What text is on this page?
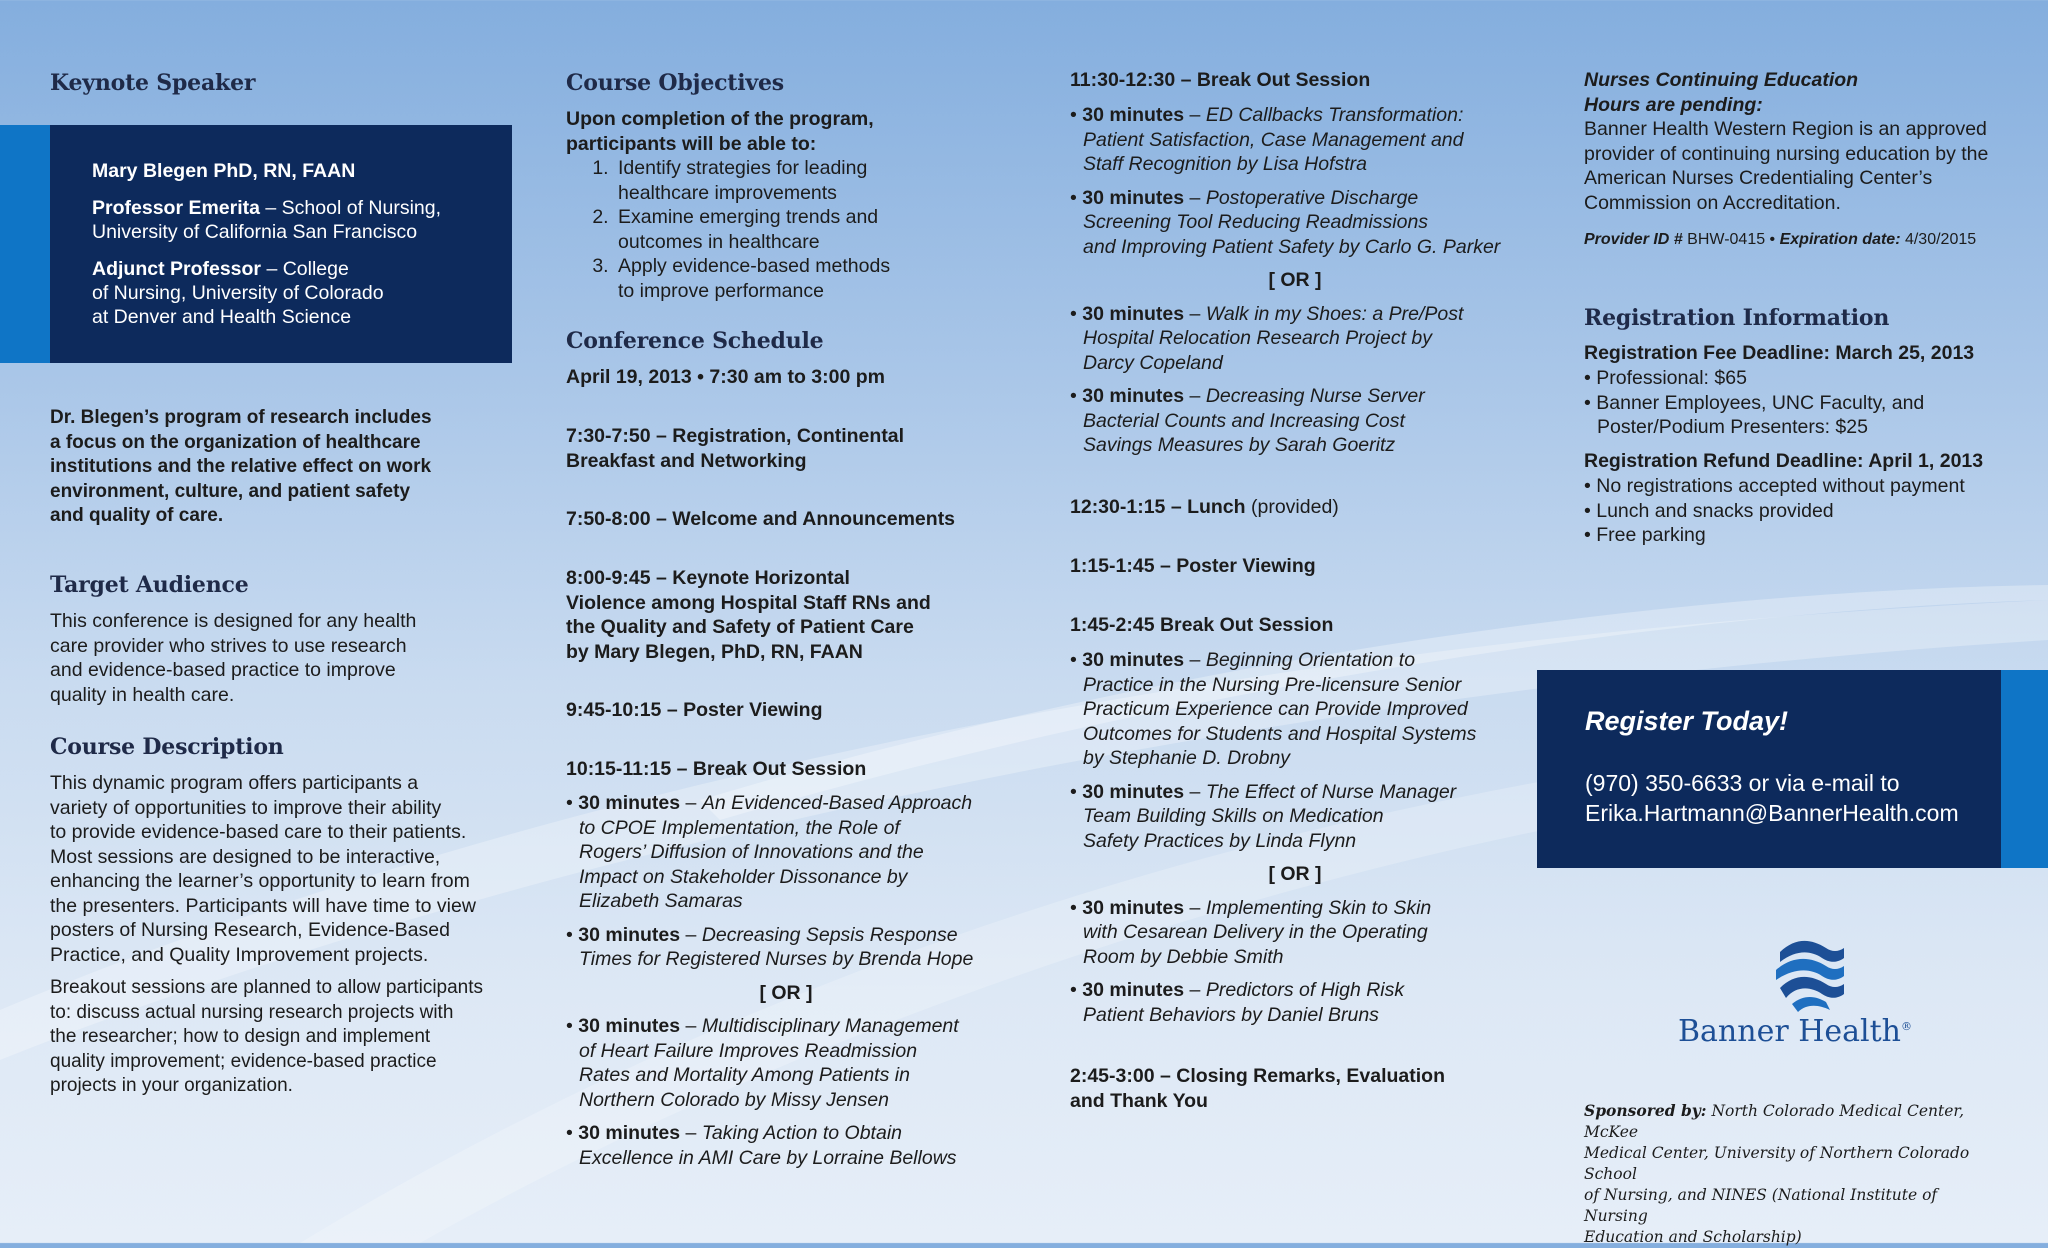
Keynote Speaker
Dr. Blegen’s program of research includes
a focus on the organization of healthcare
institutions and the relative effect on work
environment, culture, and patient safety
and quality of care.
Target Audience
This conference is designed for any health
care provider who strives to use research
and evidence-based practice to improve
quality in health care.
Course Description
This dynamic program offers participants a
variety of opportunities to improve their ability
to provide evidence-based care to their patients.
Most sessions are designed to be interactive,
enhancing the learner’s opportunity to learn from
the presenters. Participants will have time to view
posters of Nursing Research, Evidence-Based
Practice, and Quality Improvement projects.
Breakout sessions are planned to allow participants
to: discuss actual nursing research projects with
the researcher; how to design and implement
quality improvement; evidence-based practice
projects in your organization.
Mary Blegen PhD, RN, FAAN
Professor Emerita – School of Nursing,
University of California San Francisco
Adjunct Professor – College
of Nursing, University of Colorado
at Denver and Health Science
Course Objectives
Upon completion of the program,
participants will be able to:
1. Identify strategies for leading
healthcare improvements
2. Examine emerging trends and
outcomes in healthcare
3. Apply evidence-based methods
to improve performance
Conference Schedule
April 19, 2013 • 7:30 am to 3:00 pm
7:30-7:50 – Registration, Continental
Breakfast and Networking
7:50-8:00 – Welcome and Announcements
8:00-9:45 – Keynote Horizontal
Violence among Hospital Staff RNs and
the Quality and Safety of Patient Care
by Mary Blegen, PhD, RN, FAAN
9:45-10:15 – Poster Viewing
10:15-11:15 – Break Out Session
• 30 minutes – An Evidenced-Based Approach
to CPOE Implementation, the Role of
Rogers’ Diffusion of Innovations and the
Impact on Stakeholder Dissonance by
Elizabeth Samaras
• 30 minutes – Decreasing Sepsis Response
Times for Registered Nurses by Brenda Hope
[ OR ]
• 30 minutes – Multidisciplinary Management
of Heart Failure Improves Readmission
Rates and Mortality Among Patients in
Northern Colorado by Missy Jensen
• 30 minutes – Taking Action to Obtain
Excellence in AMI Care by Lorraine Bellows
11:30-12:30 – Break Out Session
• 30 minutes – ED Callbacks Transformation:
Patient Satisfaction, Case Management and
Staff Recognition by Lisa Hofstra
• 30 minutes – Postoperative Discharge
Screening Tool Reducing Readmissions
and Improving Patient Safety by Carlo G. Parker
[ OR ]
• 30 minutes – Walk in my Shoes: a Pre/Post
Hospital Relocation Research Project by
Darcy Copeland
• 30 minutes – Decreasing Nurse Server
Bacterial Counts and Increasing Cost
Savings Measures by Sarah Goeritz
12:30-1:15 – Lunch (provided)
1:15-1:45 – Poster Viewing
1:45-2:45 Break Out Session
• 30 minutes – Beginning Orientation to
Practice in the Nursing Pre-licensure Senior
Practicum Experience can Provide Improved
Outcomes for Students and Hospital Systems
by Stephanie D. Drobny
• 30 minutes – The Effect of Nurse Manager
Team Building Skills on Medication
Safety Practices by Linda Flynn
[ OR ]
• 30 minutes – Implementing Skin to Skin
with Cesarean Delivery in the Operating
Room by Debbie Smith
• 30 minutes – Predictors of High Risk
Patient Behaviors by Daniel Bruns
2:45-3:00 – Closing Remarks, Evaluation
and Thank You
Nurses Continuing Education
Hours are pending:
Banner Health Western Region is an approved
provider of continuing nursing education by the
American Nurses Credentialing Center’s
Commission on Accreditation.
Provider ID # BHW-0415 • Expiration date: 4/30/2015
Registration Information
Registration Fee Deadline: March 25, 2013
• Professional: $65
• Banner Employees, UNC Faculty, and
Poster/Podium Presenters: $25
Registration Refund Deadline: April 1, 2013
• No registrations accepted without payment
• Lunch and snacks provided
• Free parking
Register Today!
(970) 350-6633 or via e-mail to
Erika.Hartmann@BannerHealth.com
Banner Health®
Sponsored by: North Colorado Medical Center, McKee
Medical Center, University of Northern Colorado School
of Nursing, and NINES (National Institute of Nursing
Education and Scholarship)
